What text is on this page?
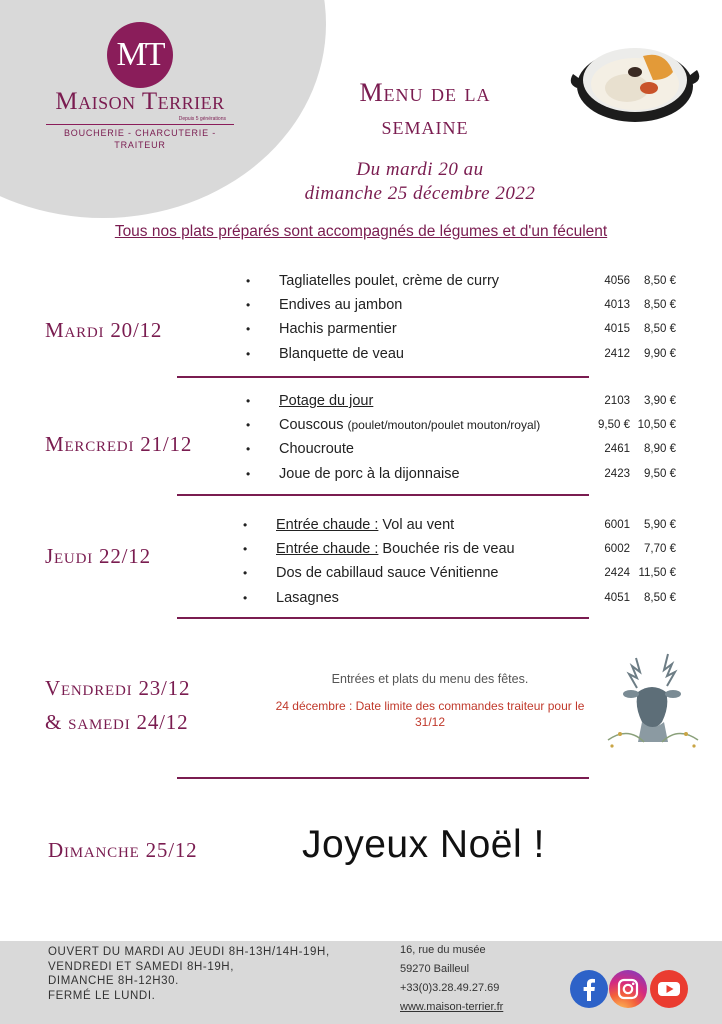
MT
Maison Terrier
Depuis 5 générations
BOUCHERIE - CHARCUTERIE - TRAITEUR
Menu de la
semaine
Du mardi 20 au
dimanche 25 décembre 2022
Tous nos plats préparés sont accompagnés de légumes et d'un féculent
Mardi 20/12
• Tagliatelles poulet, crème de curry
• Endives au jambon
• Hachis parmentier
• Blanquette de veau
4056 8,50 €
4013 8,50 €
4015 8,50 €
2412 9,90 €
Mercredi 21/12
• Potage du jour
• Couscous (poulet/mouton/poulet mouton/royal)
• Choucroute
• Joue de porc à la dijonnaise
2103 3,90 €
9,50 € 10,50 €
2461 8,90 €
2423 9,50 €
Jeudi 22/12
• Entrée chaude : Vol au vent
• Entrée chaude : Bouchée ris de veau
• Dos de cabillaud sauce Vénitienne
• Lasagnes
6001 5,90 €
6002 7,70 €
2424 11,50 €
4051 8,50 €
Vendredi 23/12
& samedi 24/12
Entrées et plats du menu des fêtes.
24 décembre : Date limite des commandes traiteur pour le 31/12
Dimanche 25/12	Joyeux Noël !
OUVERT DU MARDI AU JEUDI 8H-13H/14H-19H,
VENDREDI ET SAMEDI 8H-19H,
DIMANCHE 8H-12H30.
FERMÉ LE LUNDI.
16, rue du musée
59270 Bailleul
+33(0)3.28.49.27.69
www.maison-terrier.fr
